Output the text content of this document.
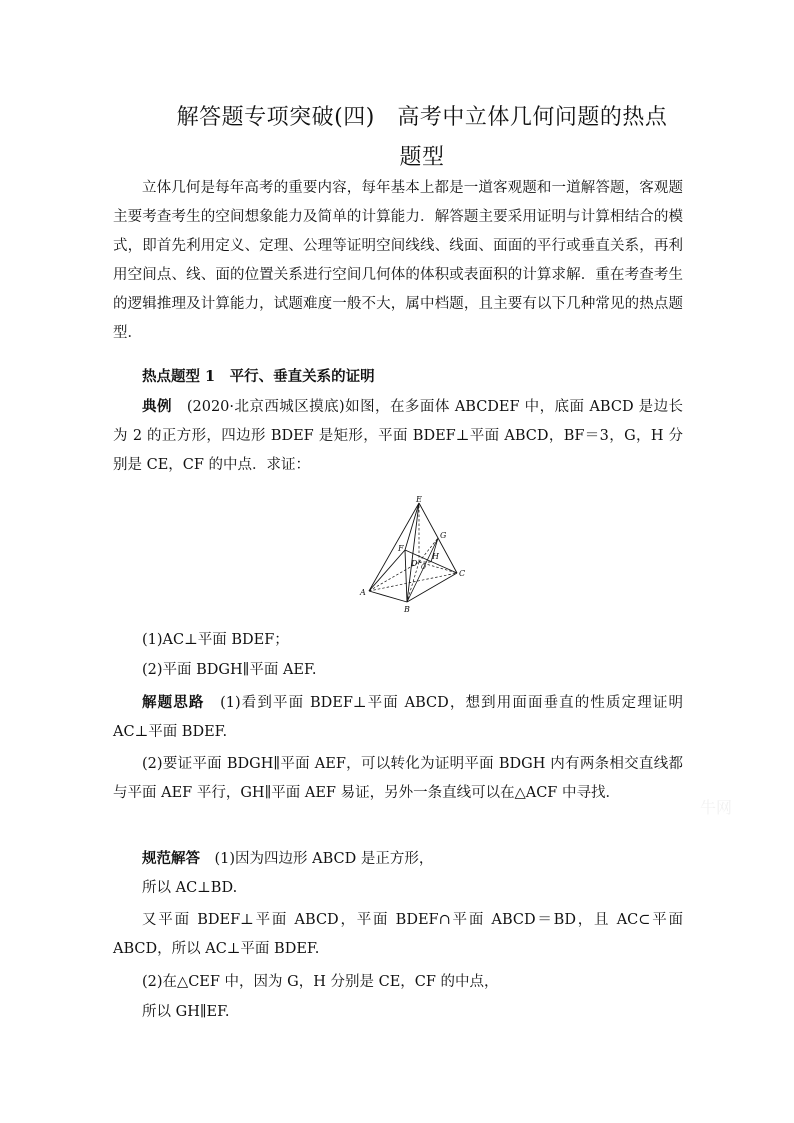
解答题专项突破(四)　高考中立体几何问题的热点
题型
立体几何是每年高考的重要内容，每年基本上都是一道客观题和一道解答题，客观题主要考查考生的空间想象能力及简单的计算能力．解答题主要采用证明与计算相结合的模式，即首先利用定义、定理、公理等证明空间线线、线面、面面的平行或垂直关系，再利用空间点、线、面的位置关系进行空间几何体的体积或表面积的计算求解．重在考查考生的逻辑推理及计算能力，试题难度一般不大，属中档题，且主要有以下几种常见的热点题型．
热点题型 1　平行、垂直关系的证明
典例　 (2020·北京西城区摸底)如图，在多面体 ABCDEF 中，底面 ABCD 是边长为 2 的正方形，四边形 BDEF 是矩形，平面 BDEF⊥平面 ABCD，BF＝3，G，H 分别是 CE，CF 的中点．求证：
E
F
G
H
D O
A
B
C
(1)AC⊥平面 BDEF；
(2)平面 BDGH∥平面 AEF.
解题思路　 (1)看到平面 BDEF⊥平面 ABCD，想到用面面垂直的性质定理证明 AC⊥平面 BDEF.
(2)要证平面 BDGH∥平面 AEF，可以转化为证明平面 BDGH 内有两条相交直线都与平面 AEF 平行，GH∥平面 AEF 易证，另外一条直线可以在△ACF 中寻找．
规范解答　 (1)因为四边形 ABCD 是正方形，
所以 AC⊥BD.
又平面 BDEF⊥平面 ABCD，平面 BDEF∩平面 ABCD＝BD，且 AC⊂平面 ABCD，所以 AC⊥平面 BDEF.
(2)在△CEF 中，因为 G，H 分别是 CE，CF 的中点，
所以 GH∥EF.
牛网
